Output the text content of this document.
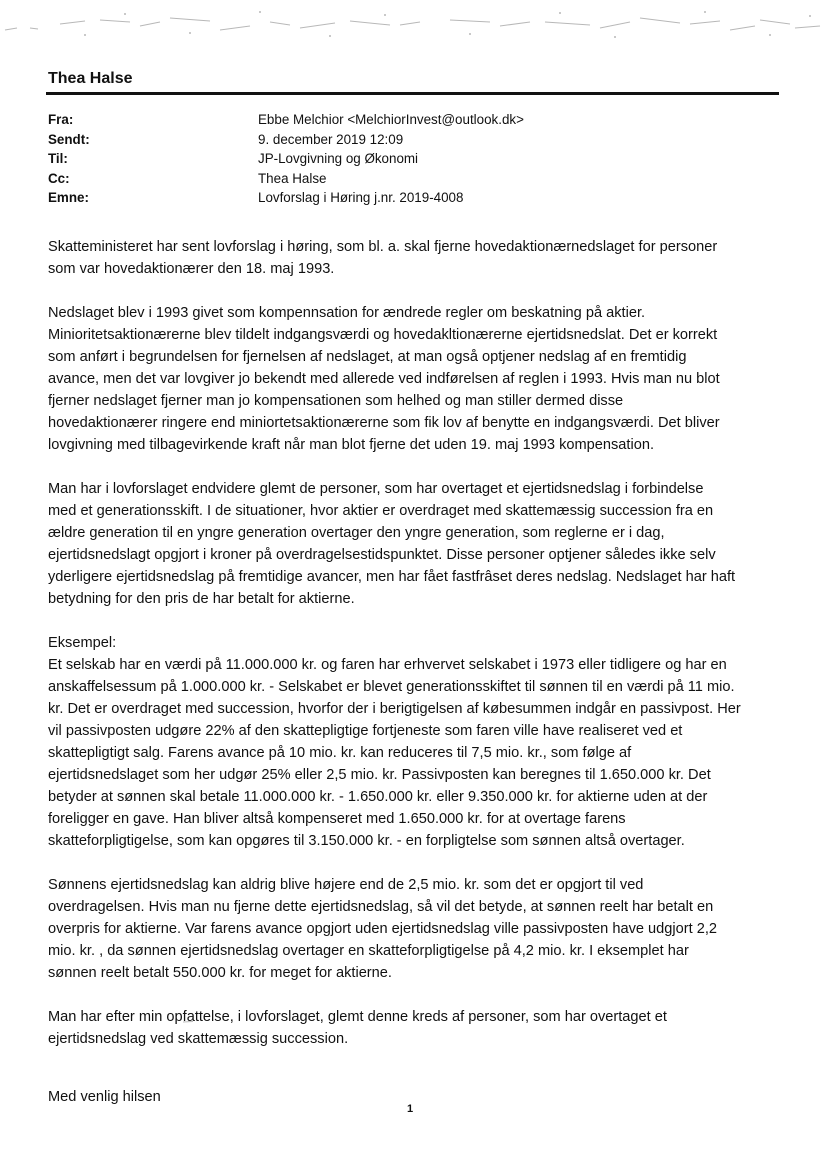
Thea Halse
Fra:	Ebbe Melchior <MelchiorInvest@outlook.dk>
Sendt:	9. december 2019 12:09
Til:	JP-Lovgivning og Økonomi
Cc:	Thea Halse
Emne:	Lovforslag i Høring j.nr. 2019-4008

Skatteministeret har sent lovforslag i høring, som bl. a. skal fjerne hovedaktionærnedslaget for personer

som var hovedaktionærer den 18. maj 1993.

Nedslaget blev i 1993 givet som kompennsation for ændrede regler om beskatning på aktier.

Minioritetsaktionærerne blev tildelt indgangsværdi og hovedakltionærerne ejertidsnedslat. Det er korrekt

som anført i begrundelsen for fjernelsen af nedslaget, at man også optjener nedslag af en fremtidig

avance, men det var lovgiver jo bekendt med allerede ved indførelsen af reglen i 1993. Hvis man nu blot

fjerner nedslaget fjerner man jo kompensationen som helhed og man stiller dermed disse

hovedaktionærer ringere end miniortetsaktionærerne som fik lov af benytte en indgangsværdi. Det bliver

lovgivning med tilbagevirkende kraft når man blot fjerne det uden 19. maj 1993 kompensation.

Man har i lovforslaget endvidere glemt de personer, som har overtaget et ejertidsnedslag i forbindelse

med et generationsskift. I de situationer, hvor aktier er overdraget med skattemæssig succession fra en

ældre generation til en yngre generation overtager den yngre generation, som reglerne er i dag,

ejertidsnedslagt opgjort i kroner på overdragelsestidspunktet. Disse personer optjener således ikke selv

yderligere ejertidsnedslag på fremtidige avancer, men har fået fastfrâset deres nedslag. Nedslaget har haft

betydning for den pris de har betalt for aktierne.

Eksempel:

Et selskab har en værdi på 11.000.000 kr. og faren har erhvervet selskabet i 1973 eller tidligere og har en

anskaffelsessum på 1.000.000 kr. - Selskabet er blevet generationsskiftet til sønnen til en værdi på 11 mio.

kr. Det er overdraget med succession, hvorfor der i berigtigelsen af købesummen indgår en passivpost. Her

vil passivposten udgøre 22% af den skattepligtige fortjeneste som faren ville have realiseret ved et

skattepligtigt salg. Farens avance på 10 mio. kr. kan reduceres til 7,5 mio. kr., som følge af

ejertidsnedslaget som her udgør 25% eller 2,5 mio. kr. Passivposten kan beregnes til 1.650.000 kr. Det

betyder at sønnen skal betale 11.000.000 kr. - 1.650.000 kr. eller 9.350.000 kr. for aktierne uden at der

foreligger en gave. Han bliver altså kompenseret med 1.650.000 kr. for at overtage farens

skatteforpligtigelse, som kan opgøres til 3.150.000 kr. - en forpligtelse som sønnen altså overtager.

Sønnens ejertidsnedslag kan aldrig blive højere end de 2,5 mio. kr. som det er opgjort til ved

overdragelsen. Hvis man nu fjerne dette ejertidsnedslag, så vil det betyde, at sønnen reelt har betalt en

overpris for aktierne. Var farens avance opgjort uden ejertidsnedslag ville passivposten have udgjort 2,2

mio. kr. , da sønnen ejertidsnedslag overtager en skatteforpligtigelse på 4,2 mio. kr. I eksemplet har

sønnen reelt betalt 550.000 kr. for meget for aktierne.

Man har efter min opfattelse, i lovforslaget, glemt denne kreds af personer, som har overtaget et

ejertidsnedslag ved skattemæssig succession.

Med venlig hilsen

1
